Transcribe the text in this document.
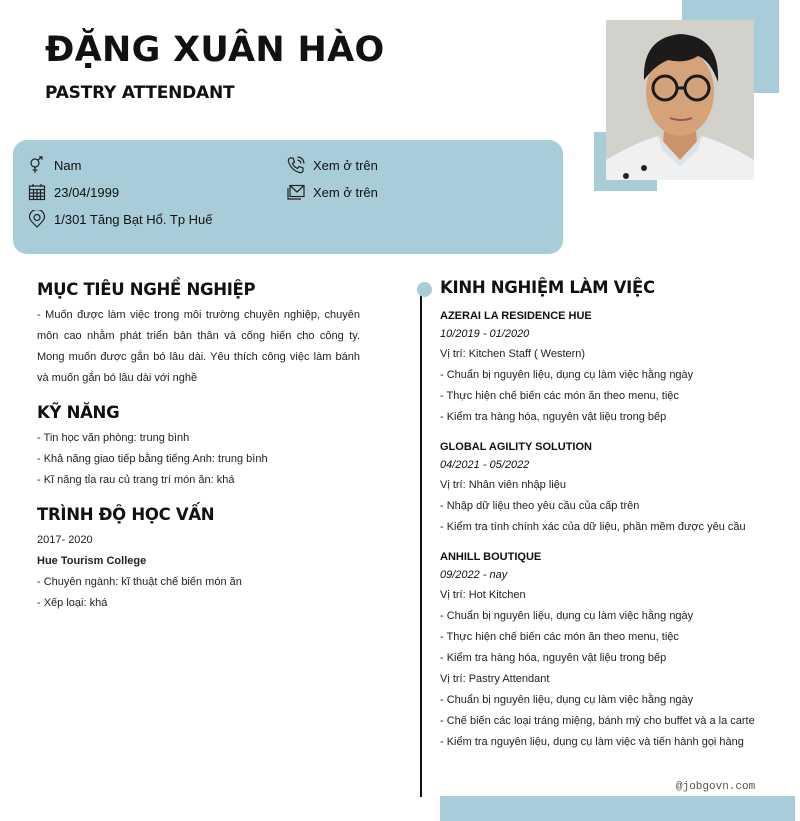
ĐẶNG XUÂN HÀO
PASTRY ATTENDANT
Nam
23/04/1999
1/301 Tăng Bạt Hổ. Tp Huế
Xem ở trên
Xem ở trên
MỤC TIÊU NGHỀ NGHIỆP
- Muốn được làm việc trong môi trường chuyên nghiệp, chuyên môn cao nhằm phát triển bản thân và cống hiến cho công ty. Mong muốn được gắn bó lâu dài. Yêu thích công việc làm bánh và muốn gắn bó lâu dài với nghề
KỸ NĂNG
- Tin học văn phòng: trung bình
- Khả năng giao tiếp bằng tiếng Anh: trung bình
- Kĩ năng tỉa rau củ trang trí món ăn: khá
TRÌNH ĐỘ HỌC VẤN
2017- 2020
Hue Tourism College
- Chuyên ngành: kĩ thuật chế biến món ăn
- Xếp loại: khá
KINH NGHIỆM LÀM VIỆC
AZERAI LA RESIDENCE HUE
10/2019 - 01/2020
Vị trí: Kitchen Staff ( Western)
- Chuẩn bị nguyên liệu, dụng cụ làm việc hằng ngày
- Thực hiện chế biến các món ăn theo menu, tiệc
- Kiểm tra hàng hóa, nguyên vật liệu trong bếp
GLOBAL AGILITY SOLUTION
04/2021 - 05/2022
Vị trí: Nhân viên nhập liệu
- Nhập dữ liệu theo yêu cầu của cấp trên
- Kiểm tra tính chính xác của dữ liệu, phần mềm được yêu cầu
ANHILL BOUTIQUE
09/2022 - nay
Vị trí: Hot Kitchen
- Chuẩn bị nguyên liệu, dụng cụ làm việc hằng ngày
- Thực hiện chế biến các món ăn theo menu, tiệc
- Kiểm tra hàng hóa, nguyên vật liệu trong bếp
Vị trí: Pastry Attendant
- Chuẩn bị nguyên liệu, dụng cụ làm việc hằng ngày
- Chế biến các loại tráng miệng, bánh mỳ cho buffet và a la carte
- Kiểm tra nguyên liệu, dụng cụ làm việc và tiến hành gọi hàng
@jobgovn.com
